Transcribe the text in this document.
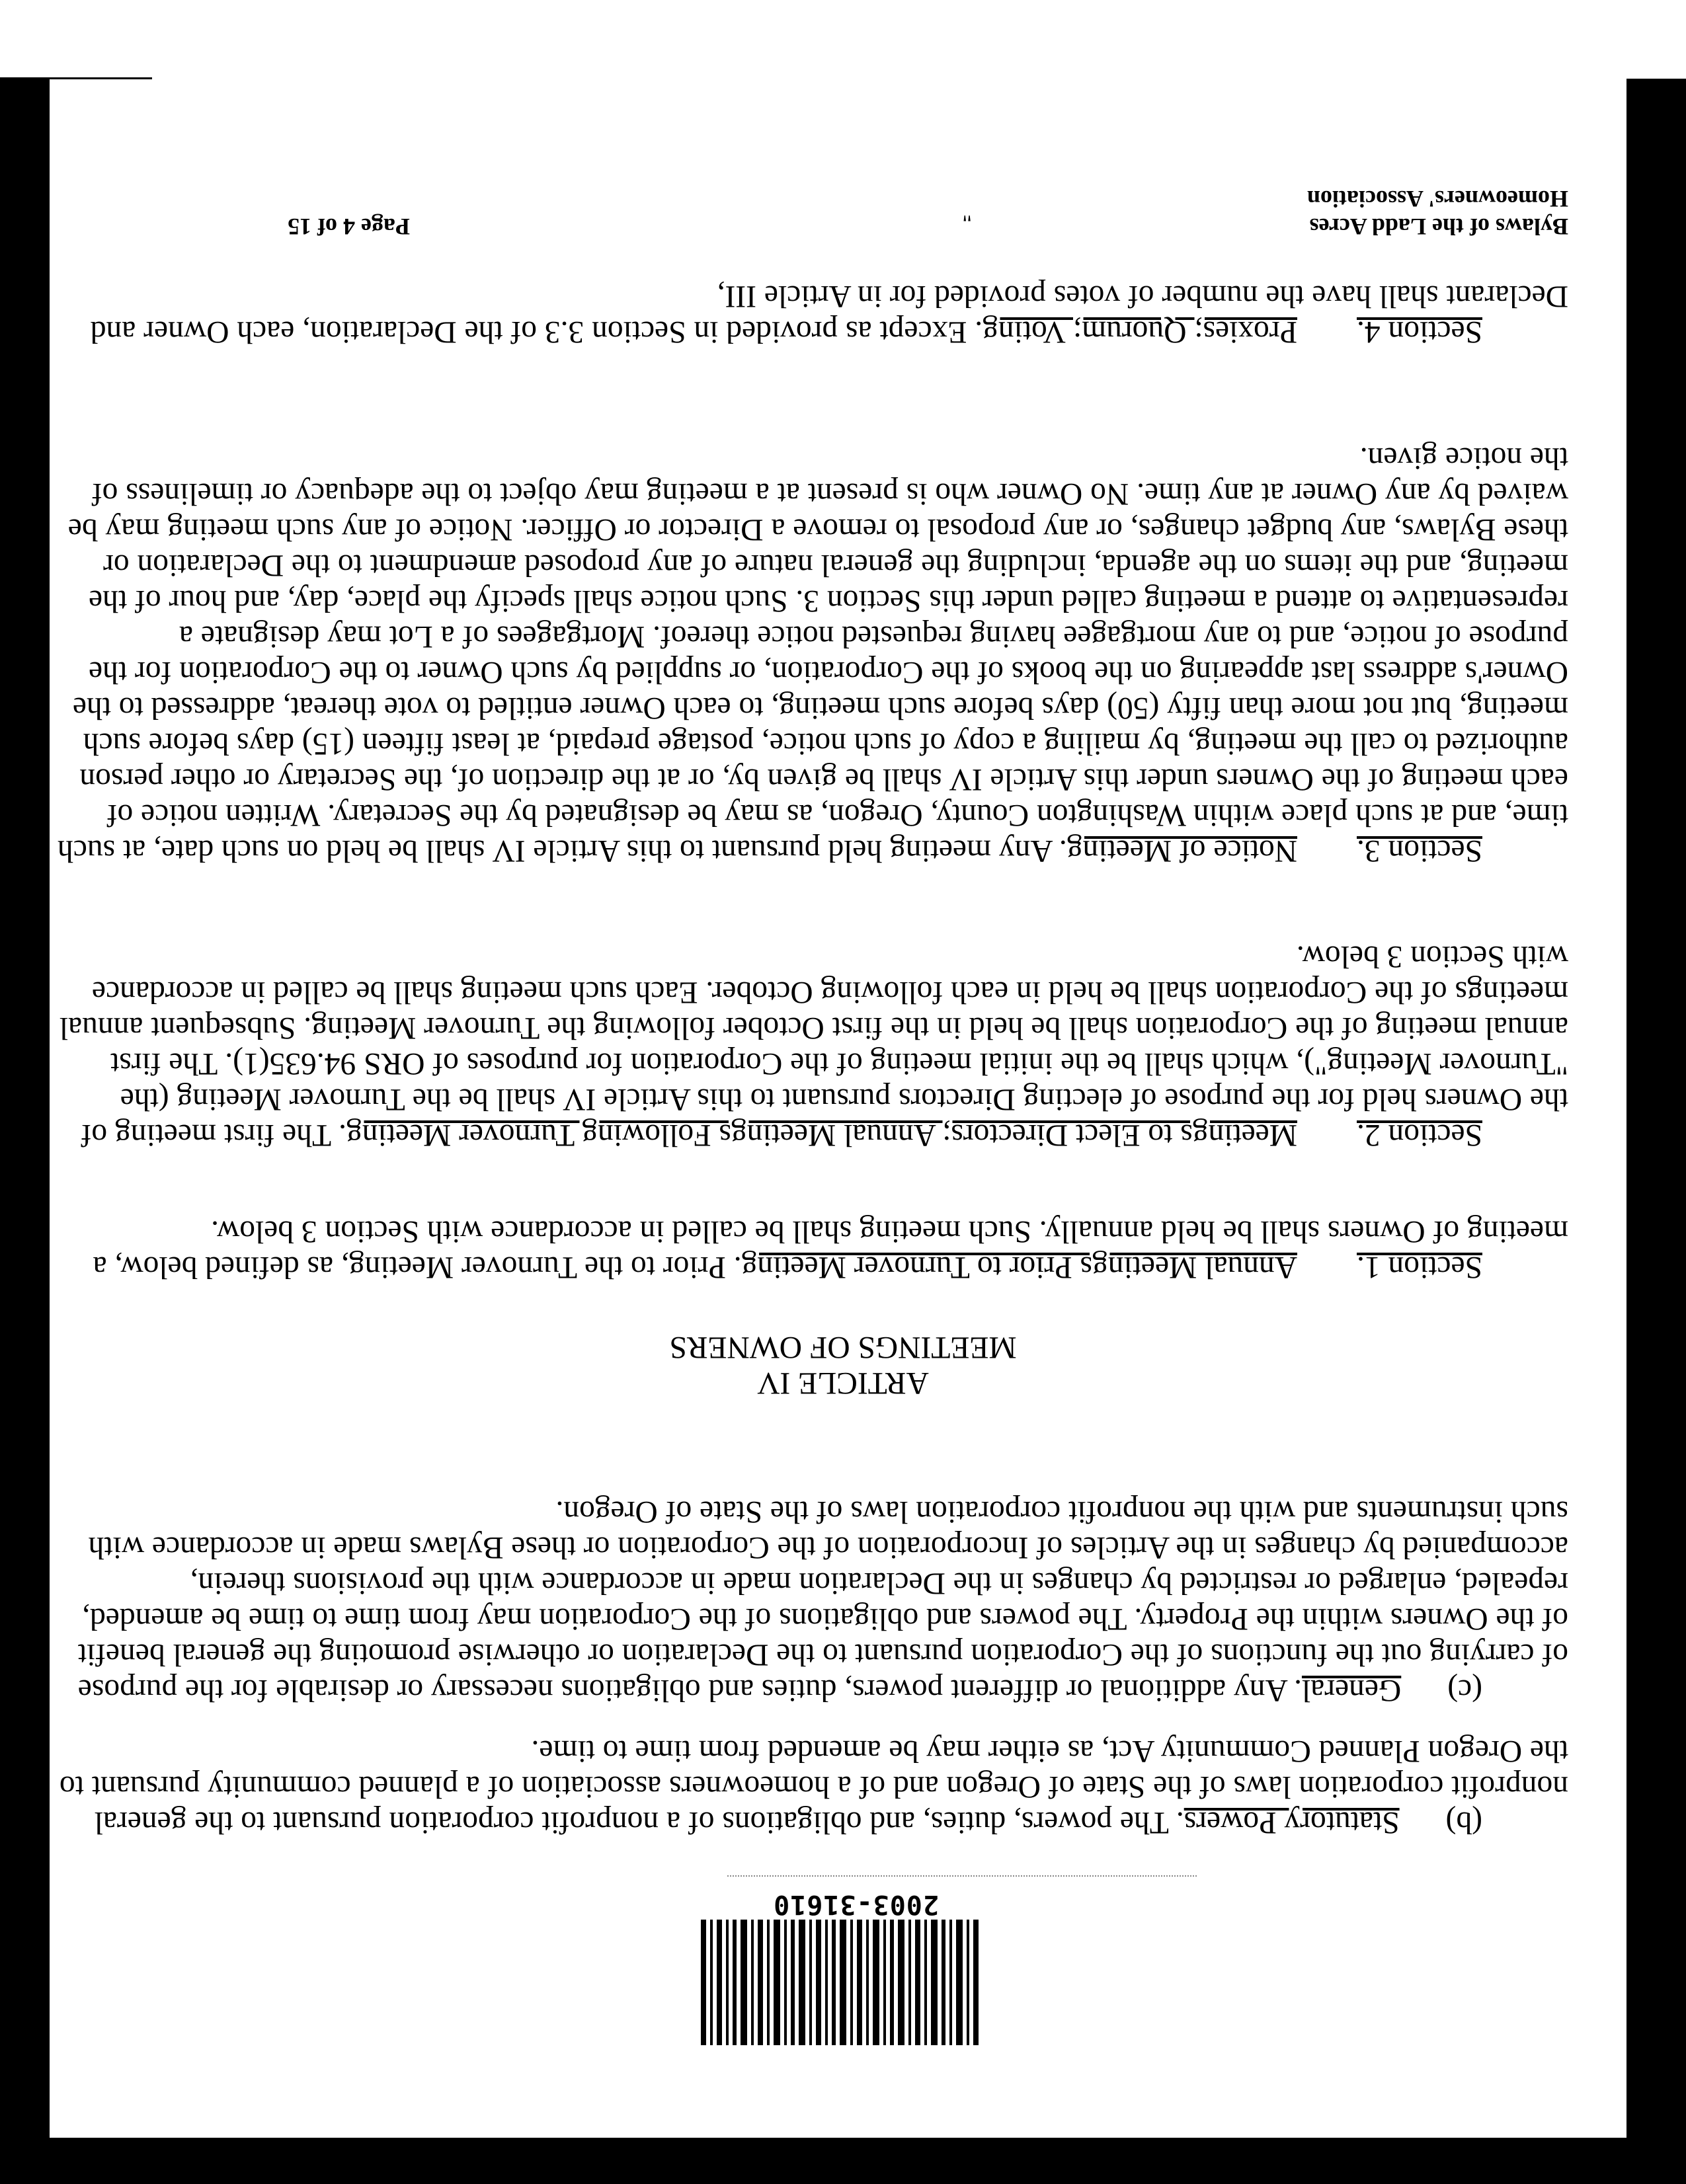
2003-31610

(b)Statutory Powers. The powers, duties, and obligations of a nonprofit corporation pursuant to the general nonprofit corporation laws of the State of Oregon and of a homeowners association of a planned community pursuant to the Oregon Planned Community Act, as either may be amended from time to time.

(c)General. Any additional or different powers, duties and obligations necessary or desirable for the purpose of carrying out the functions of the Corporation pursuant to the Declaration or otherwise promoting the general benefit of the Owners within the Property. The powers and obligations of the Corporation may from time to time be amended, repealed, enlarged or restricted by changes in the Declaration made in accordance with the provisions therein, accompanied by changes in the Articles of Incorporation of the Corporation or these Bylaws made in accordance with such instruments and with the nonprofit corporation laws of the State of Oregon.

ARTICLE IV
MEETINGS OF OWNERS

Section 1.Annual Meetings Prior to Turnover Meeting. Prior to the Turnover Meeting, as defined below, a meeting of Owners shall be held annually. Such meeting shall be called in accordance with Section 3 below.

Section 2.Meetings to Elect Directors; Annual Meetings Following Turnover Meeting. The first meeting of the Owners held for the purpose of electing Directors pursuant to this Article IV shall be the Turnover Meeting (the "Turnover Meeting"), which shall be the initial meeting of the Corporation for purposes of ORS 94.635(1). The first annual meeting of the Corporation shall be held in the first October following the Turnover Meeting. Subsequent annual meetings of the Corporation shall be held in each following October. Each such meeting shall be called in accordance with Section 3 below.

Section 3.Notice of Meeting. Any meeting held pursuant to this Article IV shall be held on such date, at such time, and at such place within Washington County, Oregon, as may be designated by the Secretary. Written notice of each meeting of the Owners under this Article IV shall be given by, or at the direction of, the Secretary or other person authorized to call the meeting, by mailing a copy of such notice, postage prepaid, at least fifteen (15) days before such meeting, but not more than fifty (50) days before such meeting, to each Owner entitled to vote thereat, addressed to the Owner's address last appearing on the books of the Corporation, or supplied by such Owner to the Corporation for the purpose of notice, and to any mortgagee having requested notice thereof. Mortgagees of a Lot may designate a representative to attend a meeting called under this Section 3. Such notice shall specify the place, day, and hour of the meeting, and the items on the agenda, including the general nature of any proposed amendment to the Declaration or these Bylaws, any budget changes, or any proposal to remove a Director or Officer. Notice of any such meeting may be waived by any Owner at any time. No Owner who is present at a meeting may object to the adequacy or timeliness of the notice given.

Section 4.Proxies; Quorum; Voting. Except as provided in Section 3.3 of the Declaration, each Owner and Declarant shall have the number of votes provided for in Article III,

"	Bylaws of the Ladd Acres
Homeowners' Association
Page 4 of 15
